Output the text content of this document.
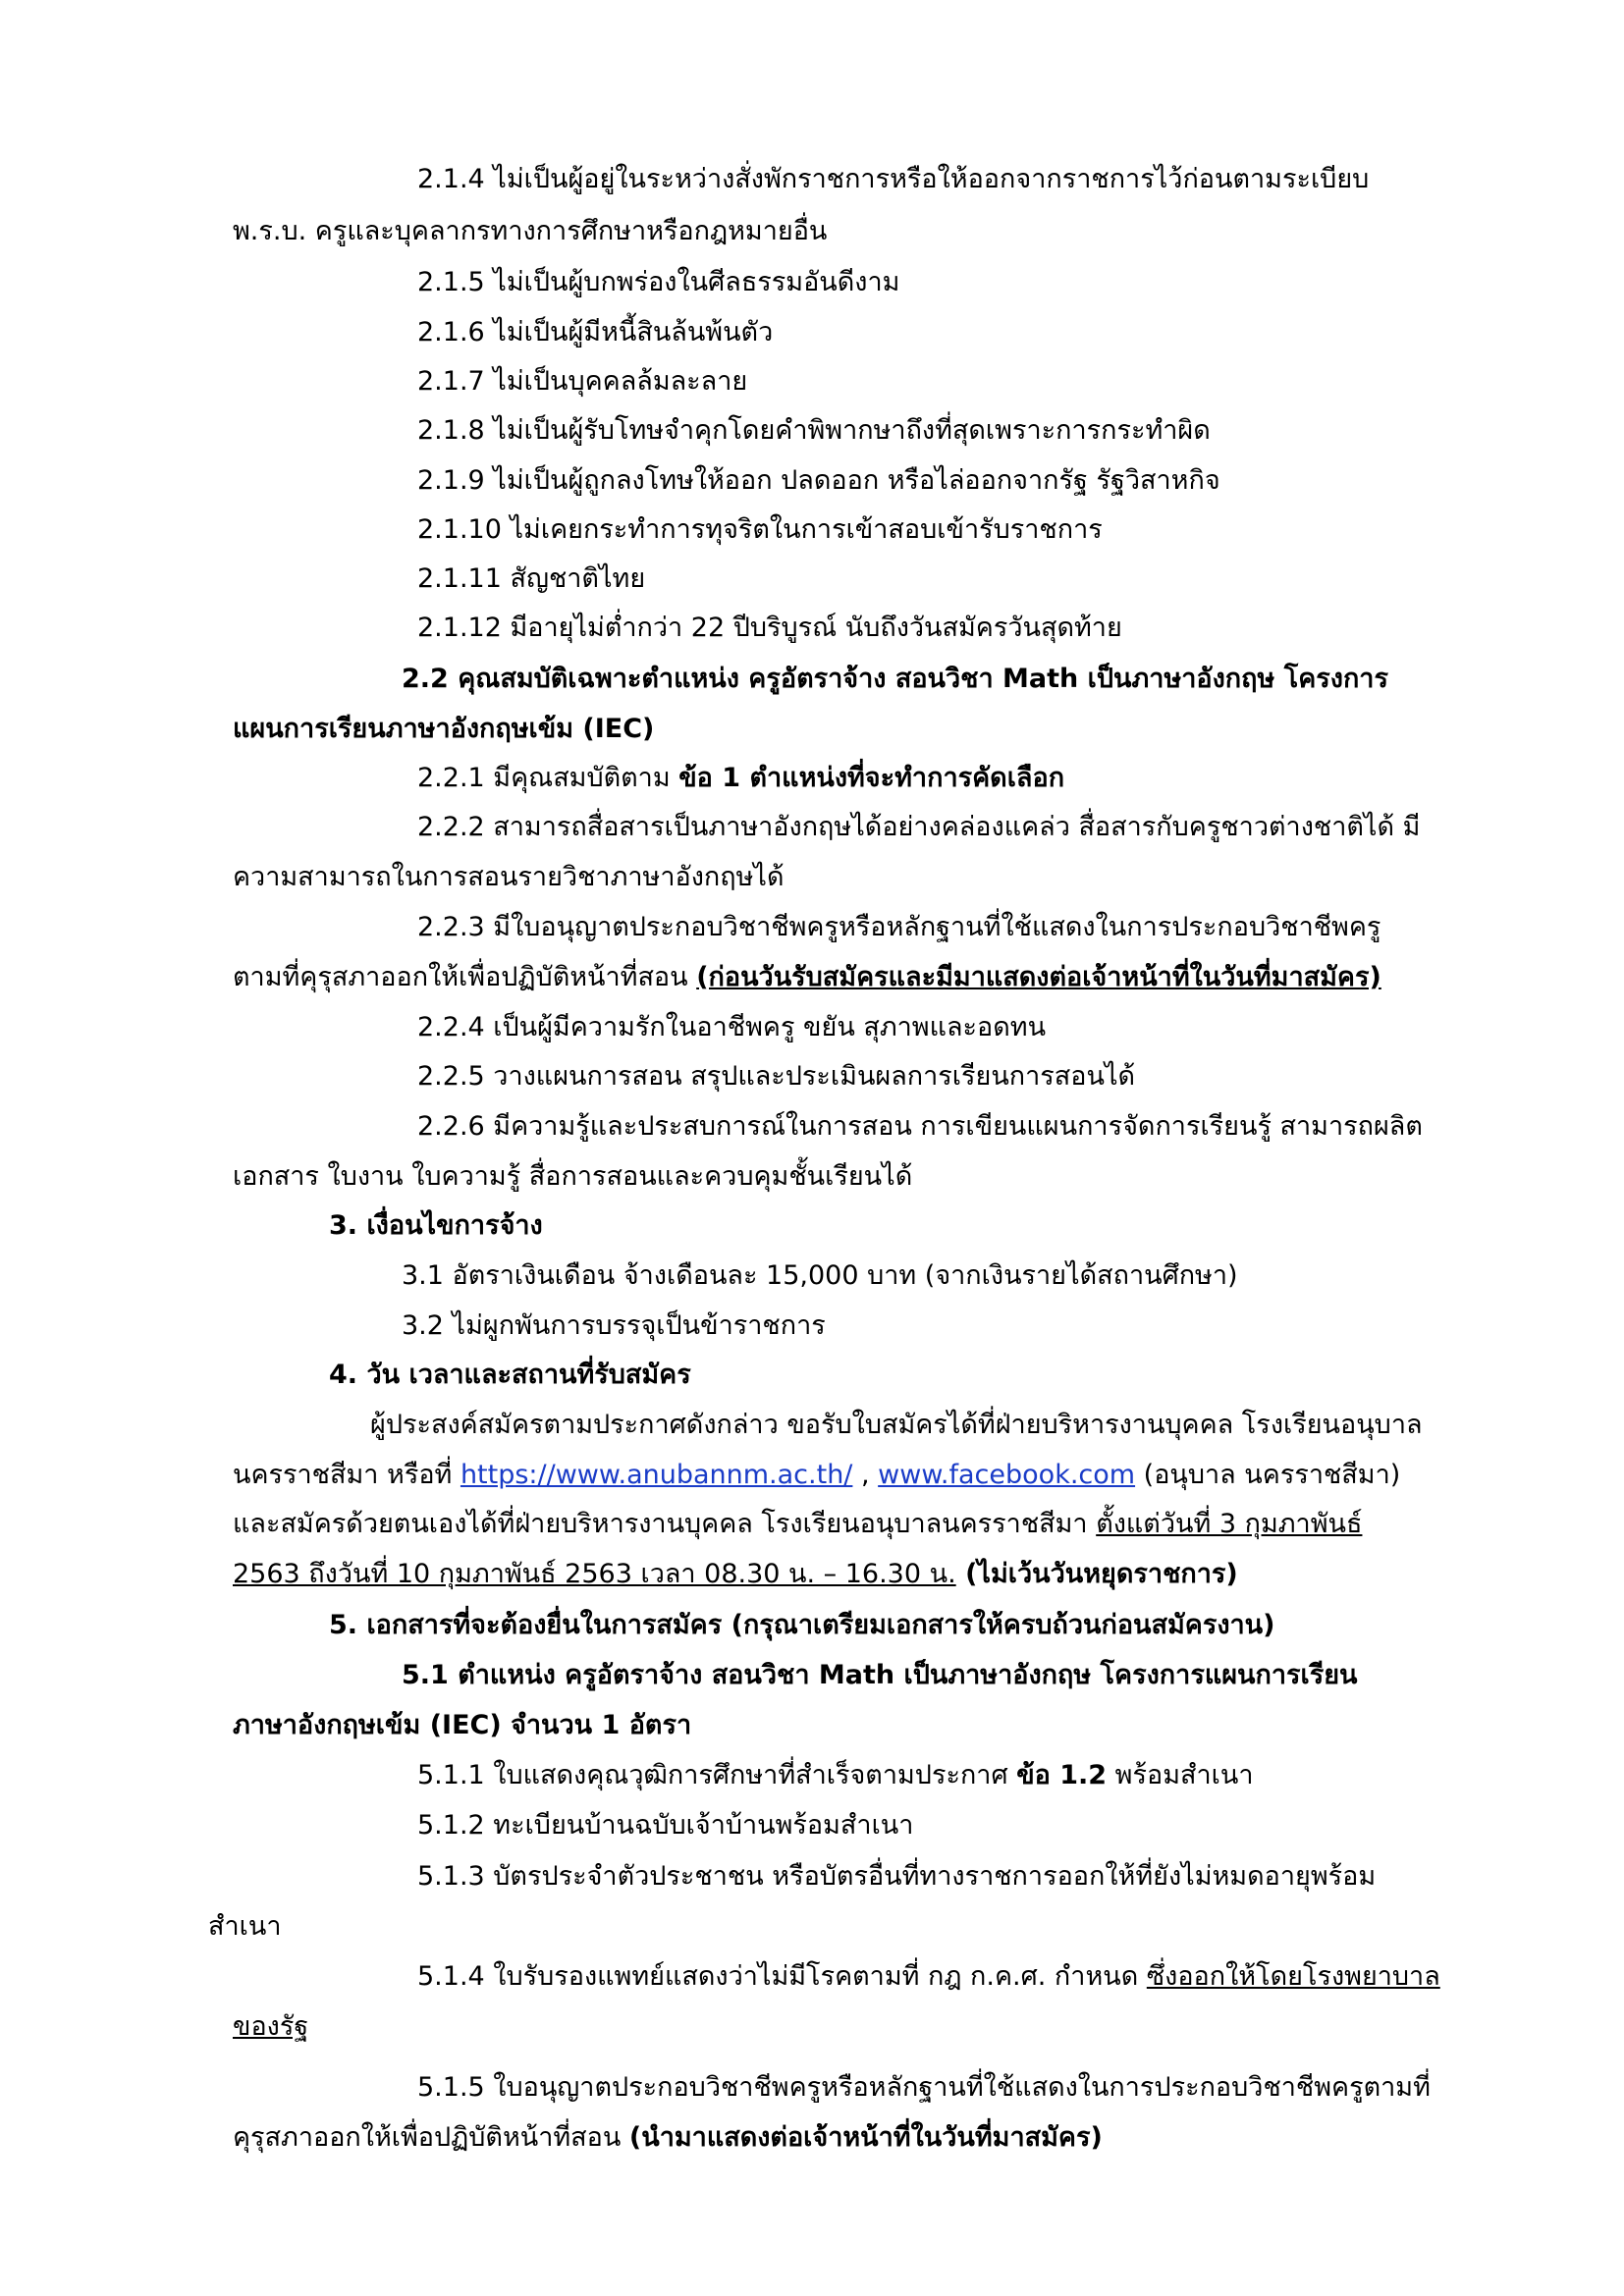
2.1.4 ไม่เป็นผู้อยู่ในระหว่างสั่งพักราชการหรือให้ออกจากราชการไว้ก่อนตามระเบียบ
พ.ร.บ. ครูและบุคลากรทางการศึกษาหรือกฎหมายอื่น
2.1.5 ไม่เป็นผู้บกพร่องในศีลธรรมอันดีงาม
2.1.6 ไม่เป็นผู้มีหนี้สินล้นพ้นตัว
2.1.7 ไม่เป็นบุคคลล้มละลาย
2.1.8 ไม่เป็นผู้รับโทษจำคุกโดยคำพิพากษาถึงที่สุดเพราะการกระทำผิด
2.1.9 ไม่เป็นผู้ถูกลงโทษให้ออก ปลดออก หรือไล่ออกจากรัฐ รัฐวิสาหกิจ
2.1.10 ไม่เคยกระทำการทุจริตในการเข้าสอบเข้ารับราชการ
2.1.11 สัญชาติไทย
2.1.12 มีอายุไม่ต่ำกว่า 22 ปีบริบูรณ์ นับถึงวันสมัครวันสุดท้าย
2.2 คุณสมบัติเฉพาะตำแหน่ง ครูอัตราจ้าง สอนวิชา Math เป็นภาษาอังกฤษ โครงการ
แผนการเรียนภาษาอังกฤษเข้ม (IEC)
2.2.1 มีคุณสมบัติตาม ข้อ 1 ตำแหน่งที่จะทำการคัดเลือก
2.2.2 สามารถสื่อสารเป็นภาษาอังกฤษได้อย่างคล่องแคล่ว สื่อสารกับครูชาวต่างชาติได้ มี
ความสามารถในการสอนรายวิชาภาษาอังกฤษได้
2.2.3 มีใบอนุญาตประกอบวิชาชีพครูหรือหลักฐานที่ใช้แสดงในการประกอบวิชาชีพครู
ตามที่คุรุสภาออกให้เพื่อปฏิบัติหน้าที่สอน (ก่อนวันรับสมัครและมีมาแสดงต่อเจ้าหน้าที่ในวันที่มาสมัคร)
2.2.4 เป็นผู้มีความรักในอาชีพครู ขยัน สุภาพและอดทน
2.2.5 วางแผนการสอน สรุปและประเมินผลการเรียนการสอนได้
2.2.6 มีความรู้และประสบการณ์ในการสอน การเขียนแผนการจัดการเรียนรู้ สามารถผลิต
เอกสาร ใบงาน ใบความรู้ สื่อการสอนและควบคุมชั้นเรียนได้
3. เงื่อนไขการจ้าง
3.1 อัตราเงินเดือน จ้างเดือนละ 15,000 บาท (จากเงินรายได้สถานศึกษา)
3.2 ไม่ผูกพันการบรรจุเป็นข้าราชการ
4. วัน เวลาและสถานที่รับสมัคร
ผู้ประสงค์สมัครตามประกาศดังกล่าว ขอรับใบสมัครได้ที่ฝ่ายบริหารงานบุคคล โรงเรียนอนุบาล
นครราชสีมา หรือที่ https://www.anubannm.ac.th/ , www.facebook.com (อนุบาล นครราชสีมา)
และสมัครด้วยตนเองได้ที่ฝ่ายบริหารงานบุคคล โรงเรียนอนุบาลนครราชสีมา ตั้งแต่วันที่ 3 กุมภาพันธ์
2563 ถึงวันที่ 10 กุมภาพันธ์ 2563 เวลา 08.30 น. – 16.30 น. (ไม่เว้นวันหยุดราชการ)
5. เอกสารที่จะต้องยื่นในการสมัคร (กรุณาเตรียมเอกสารให้ครบถ้วนก่อนสมัครงาน)
5.1 ตำแหน่ง ครูอัตราจ้าง สอนวิชา Math เป็นภาษาอังกฤษ โครงการแผนการเรียน
ภาษาอังกฤษเข้ม (IEC) จำนวน 1 อัตรา
5.1.1 ใบแสดงคุณวุฒิการศึกษาที่สำเร็จตามประกาศ ข้อ 1.2 พร้อมสำเนา
5.1.2 ทะเบียนบ้านฉบับเจ้าบ้านพร้อมสำเนา
5.1.3 บัตรประจำตัวประชาชน หรือบัตรอื่นที่ทางราชการออกให้ที่ยังไม่หมดอายุพร้อม
สำเนา
5.1.4 ใบรับรองแพทย์แสดงว่าไม่มีโรคตามที่ กฎ ก.ค.ศ. กำหนด ซึ่งออกให้โดยโรงพยาบาล
ของรัฐ
5.1.5 ใบอนุญาตประกอบวิชาชีพครูหรือหลักฐานที่ใช้แสดงในการประกอบวิชาชีพครูตามที่
คุรุสภาออกให้เพื่อปฏิบัติหน้าที่สอน (นำมาแสดงต่อเจ้าหน้าที่ในวันที่มาสมัคร)
